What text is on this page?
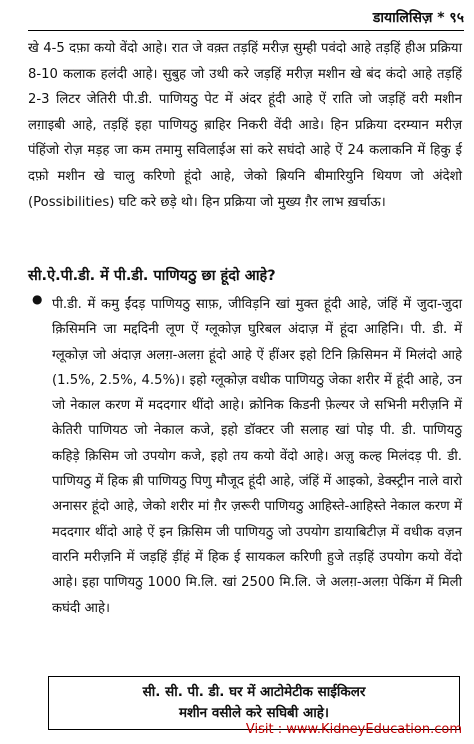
डायालिसिज़ * ९५
खे 4-5 दफ़ा कयो वेंदो आहे। रात जे वक़्त तड़हिं मरीज़ सुम्ही पवंदो आहे तड़हिं हीअ प्रक्रिया 8-10 कलाक हलंदी आहे। सुबुह जो उथी करे जड़हिं मरीज़ मशीन खे बंद कंदो आहे तड़हिं 2-3 लिटर जेतिरी पी.डी. पाणियठु पेट में अंदर हूंदी आहे ऐं राति जो जड़हिं वरी मशीन लग़ाइबी आहे, तड़हिं इहा पाणियठु ब़ाहिर निकरी वेंदी आडे। हिन प्रक्रिया दरम्यान मरीज़ पंहिंजो रोज़ मड़ह जा कम तमामु सविलाईअ सां करे सघंदो आहे ऐं 24 कलाकनि में हिकु ई दफ़ो मशीन खे चालु करिणो हूंदो आहे, जेको ब़ियनि बीमारियुनि थियण जो अंदेशो (Possibilities) घटि करे छड़े थो। हिन प्रक्रिया जो मुख्य ग़ैर लाभ ख़र्चाऊ।
सी.ऐ.पी.डी. में पी.डी. पाणियठु छा हूंदो आहे?
● पी.डी. में कमु ईंदड़ पाणियठु साफ़, जीविड़नि खां मुक्त हूंदी आहे, जंहिं में जुदा-जुदा क़िसिमनि जा मद्ददिनी लूण ऐं ग्लूकोज़ घुरिबल अंदाज़ में हूंदा आहिनि। पी. डी. में ग्लूकोज़ जो अंदाज़ अलग़-अलग़ हूंदो आहे ऐं हींअर इहो टिनि क़िसिमन में मिलंदो आहे (1.5%, 2.5%, 4.5%)। इहो ग्लूकोज़ वधीक पाणियठु जेका शरीर में हूंदी आहे, उन जो नेकाल करण में मददगार थींदो आहे। क्रोनिक किडनी फ़ेल्यर जे सभिनी मरीज़नि में केतिरी पाणियठ जो नेकाल कजे, इहो डॉक्टर जी सलाह खां पोइ पी. डी. पाणियठु कहिड़े क़िसिम जो उपयोग कजे, इहो तय कयो वेंदो आहे। अज़ु कल्ह मिलंदड़ पी. डी. पाणियठु में हिक ब़ी पाणियठु पिणु मौजूद हूंदी आहे, जंहिं में आइको, डेक्स्ट्रीन नाले वारो अनासर हूंदो आहे, जेको शरीर मां ग़ैर ज़रूरी पाणियठु आहिस्ते-आहिस्ते नेकाल करण में मददगार थींदो आहे ऐं इन क़िसिम जी पाणियठु जो उपयोग डायाबिटीज़ में वधीक वज़न वारनि मरीज़नि में जड़हिं ड़ींहं में हिक ई सायकल करिणी हुजे तड़हिं उपयोग कयो वेंदो आहे। इहा पाणियठु 1000 मि.लि. खां 2500 मि.लि. जे अलग़-अलग़ पेकिंग में मिली कघंदी आहे।
सी. सी. पी. डी. घर में आटोमेटीक साईकिलर
मशीन वसीले करे सघिबी आहे।
Visit : www.KidneyEducation.com
